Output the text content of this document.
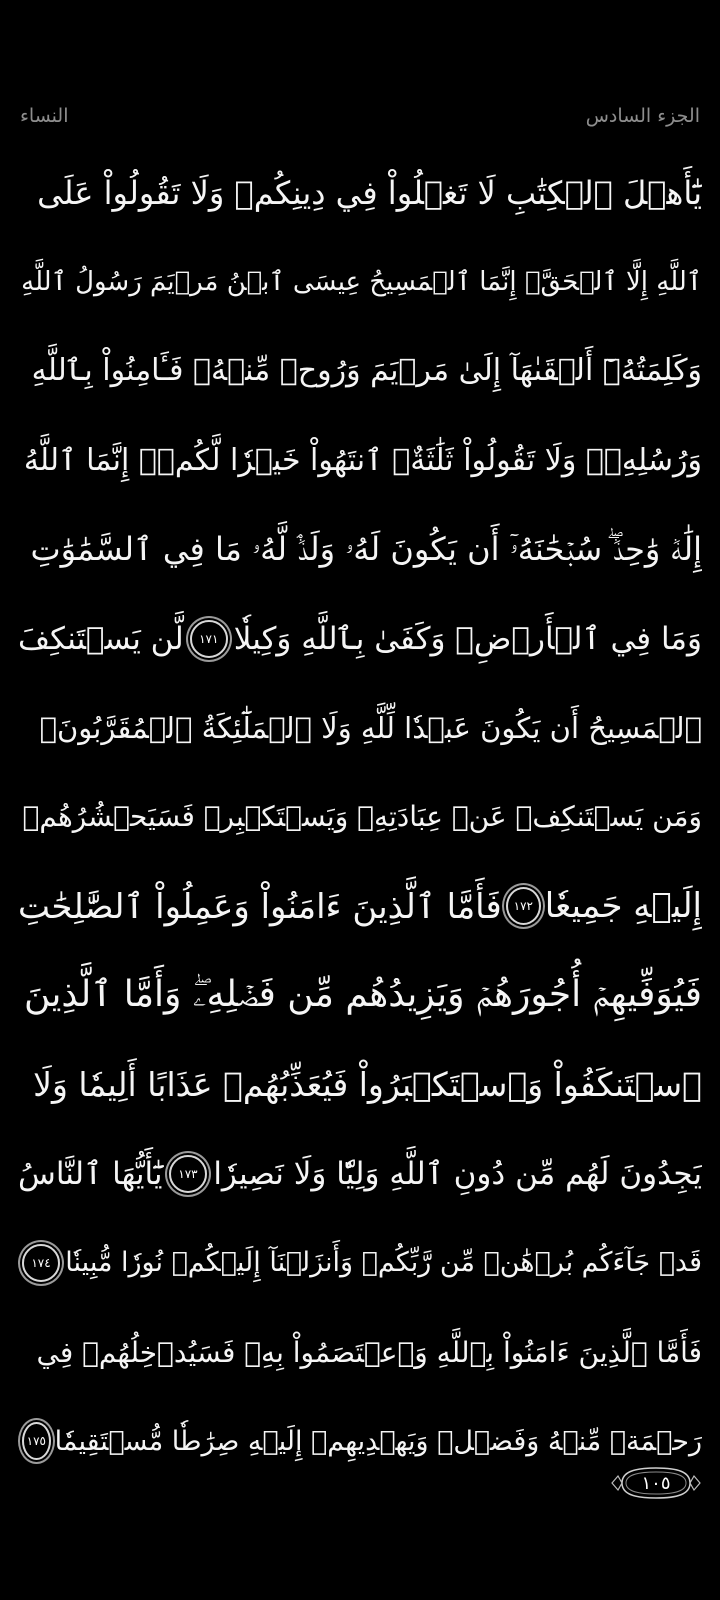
النساء	الجزء السادس
يَٰٓأَهۡلَ ٱلۡكِتَٰبِ لَا تَغۡلُواْ فِي دِينِكُمۡ وَلَا تَقُولُواْ عَلَى
ٱللَّهِ إِلَّا ٱلۡحَقَّۚ إِنَّمَا ٱلۡمَسِيحُ عِيسَى ٱبۡنُ مَرۡيَمَ رَسُولُ ٱللَّهِ
وَكَلِمَتُهُۥٓ أَلۡقَىٰهَآ إِلَىٰ مَرۡيَمَ وَرُوحٞ مِّنۡهُۖ فَـَٔامِنُواْ بِٱللَّهِ
وَرُسُلِهِۦۖ وَلَا تَقُولُواْ ثَلَٰثَةٌۚ ٱنتَهُواْ خَيۡرٗا لَّكُمۡۚ إِنَّمَا ٱللَّهُ
إِلَٰهٞ وَٰحِدٞۖ سُبۡحَٰنَهُۥٓ أَن يَكُونَ لَهُۥ وَلَدٞۘ لَّهُۥ مَا فِي ٱلسَّمَٰوَٰتِ
وَمَا فِي ٱلۡأَرۡضِۗ وَكَفَىٰ بِٱللَّهِ وَكِيلٗا
١٧١
لَّن يَسۡتَنكِفَ
ٱلۡمَسِيحُ أَن يَكُونَ عَبۡدٗا لِّلَّهِ وَلَا ٱلۡمَلَٰٓئِكَةُ ٱلۡمُقَرَّبُونَۚ
وَمَن يَسۡتَنكِفۡ عَنۡ عِبَادَتِهِۦ وَيَسۡتَكۡبِرۡ فَسَيَحۡشُرُهُمۡ
إِلَيۡهِ جَمِيعٗا
١٧٢
فَأَمَّا ٱلَّذِينَ ءَامَنُواْ وَعَمِلُواْ ٱلصَّٰلِحَٰتِ
فَيُوَفِّيهِمۡ أُجُورَهُمۡ وَيَزِيدُهُم مِّن فَضۡلِهِۦۖ وَأَمَّا ٱلَّذِينَ
ٱسۡتَنكَفُواْ وَٱسۡتَكۡبَرُواْ فَيُعَذِّبُهُمۡ عَذَابًا أَلِيمٗا وَلَا
يَجِدُونَ لَهُم مِّن دُونِ ٱللَّهِ وَلِيّٗا وَلَا نَصِيرٗا
١٧٣
يَٰٓأَيُّهَا ٱلنَّاسُ
قَدۡ جَآءَكُم بُرۡهَٰنٞ مِّن رَّبِّكُمۡ وَأَنزَلۡنَآ إِلَيۡكُمۡ نُورٗا مُّبِينٗا
١٧٤
فَأَمَّا ٱلَّذِينَ ءَامَنُواْ بِٱللَّهِ وَٱعۡتَصَمُواْ بِهِۦ فَسَيُدۡخِلُهُمۡ فِي
رَحۡمَةٖ مِّنۡهُ وَفَضۡلٖ وَيَهۡدِيهِمۡ إِلَيۡهِ صِرَٰطٗا مُّسۡتَقِيمٗا
١٧٥
١٠٥
